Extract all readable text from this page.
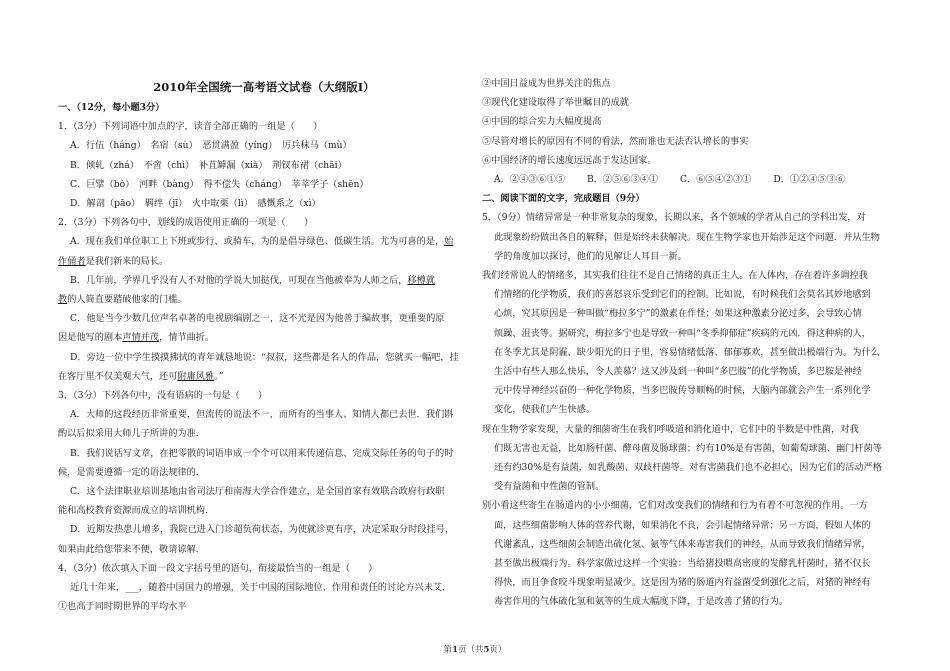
2010年全国统一高考语文试卷（大纲版Ⅰ）
一、（12分，每小题3分）
1．（3分）下列词语中加点的字，读音全部正确的一组是（　　）
A．行伍（háng）　名宿（sù）　恶贯满盈（yíng）　厉兵秣马（mù）
B．倾轧（zhá）　不啻（chì）　补苴罅漏（xià）　荆钗布裙（chāi）
C．巨擘（bò）　河畔（bàng）　得不偿失（cháng）　莘莘学子（shēn）
D．解剖（pāo）　羁绊（jī）　火中取栗（lì）　感慨系之（xì）
2．（3分）下列各句中，划线的成语使用正确的一项是（　　）
A．现在我们单位职工上下班或步行、或骑车，为的是倡导绿色、低碳生活。尤为可喜的是，始
作俑者是我们新来的局长。
B．几年前，学界几乎没有人不对他的学说大加挞伐，可现在当他被奉为人师之后，移樽就
教的人简直要踏破他家的门槛。
C．他是当今少数几位声名卓著的电视剧编剧之一，这不光是因为他善于编故事，更重要的原
因是他写的剧本声情并茂，情节曲折。
D．旁边一位中学生摸摸拂拭的青年诚恳地说：“叔叔，这些都是名人的作品，您就买一幅吧，挂
在客厅里不仅美观大气，还可附庸风雅。”
3．（3分）下列各句中，没有语病的一句是（　　）
A．大师的这段经历非常重要，但流传的说法不一，而所有的当事人、知情人都已去世．我们斟
酌以后拟采用大师儿子所讲的为准．
B．我们说话写文章，在把零散的词语串成一个个可以用来传递信息、完成交际任务的句子的时
候，是需要遵循一定的语法规律的．
C．这个法律职业培训基地由省司法厅和南海大学合作建立，是全国首家有效联合政府行政职
能和高校教育资源而成立的培训机构．
D．近期发热患儿增多，我院已进入门诊超负荷状态，为使就诊更有序，决定采取分时段挂号，
如果由此给您带来不便，敬请谅解．
4．（3分）依次填入下面一段文字括号里的语句，衔接最恰当的一组是（　　）
近几十年来，___，随着中国国力的增强，关于中国的国际地位、作用和责任的讨论方兴未艾．
①也高于同时期世界的平均水平
②中国日益成为世界关注的焦点
③现代化建设取得了举世瞩目的成就
④中国的综合实力大幅度提高
⑤尽管对增长的原因有不同的看法，然而谁也无法否认增长的事实
⑥中国经济的增长速度远远高于发达国家。
A．②④③⑥①⑤ B．②⑤⑥③④① C．⑥⑤④②③① D．①②④⑤③⑥
二、阅读下面的文字，完成题目（9分）
5．（9分）情绪异常是一种非常复杂的现象，长期以来，各个领域的学者从自己的学科出发，对
此现象纷纷做出各自的解释，但是始终未获解决。现在生物学家也开始涉足这个问题．并从生物
学的角度加以探讨，他们的见解让人耳目一新。
我们经常说人的情绪多，其实我们往往不是自己情绪的真正主人。在人体内，存在着许多调控我
们情绪的化学物质，我们的喜怒哀乐受到它们的控制。比如说，有时候我们会莫名其妙地感到
心烦，究其原因是一种叫做“梅拉多宁”的激素在作怪；如果这种激素分泌过多，会导致心情
烦躁、沮丧等。据研究，梅拉多宁也是导致一种叫“冬季抑郁症”疾病的元凶．得这种病的人，
在冬季尤其是阴霾、缺少阳光的日子里，容易情绪低落、郁郁寡欢，甚至做出极端行为。为什么
生活中有些人那么快乐，令人羡慕？这又涉及到一种叫“多巴胺”的化学物质，多巴胺是神经
元中传导神经兴奋的一种化学物质，当多巴胺传导顺畅的时候，大脑内部就会产生一系列化学
变化，使我们产生快感。
现在生物学家发现，大量的细菌寄生在我们呼吸道和消化道中，它们中的半数是中性菌，对我
们既无害也无益，比如肠杆菌、酵母菌及肠球菌；约有10%是有害菌，如葡萄球菌、幽门杆菌等
还有约30%是有益菌，如乳酸菌、双歧杆菌等。对有害菌我们也不必担心，因为它们的活动严格
受有益菌和中性菌的管制。
别小看这些寄生在肠道内的小小细菌，它们对改变我们的情绪和行为有着不可忽视的作用。一方
面，这些细菌影响人体的营养代谢，如果消化不良，会引起情绪异常；另一方面，假如人体的
代谢紊乱，这些细菌会制造出硫化氢、氨等气体来毒害我们的神经，从而导致我们情绪异常，
甚至做出极端行为。科学家做过这样一个实验：当给猪投喂高密度的发酵乳杆菌时，猪不仅长
得快，而且争食咬斗现象明显减少。这是因为猪的肠道内有益菌受到强化之后，对猪的神经有
毒害作用的气体硫化氢和氨等的生成大幅度下降，于是改善了猪的行为。
第1页（共5页）
